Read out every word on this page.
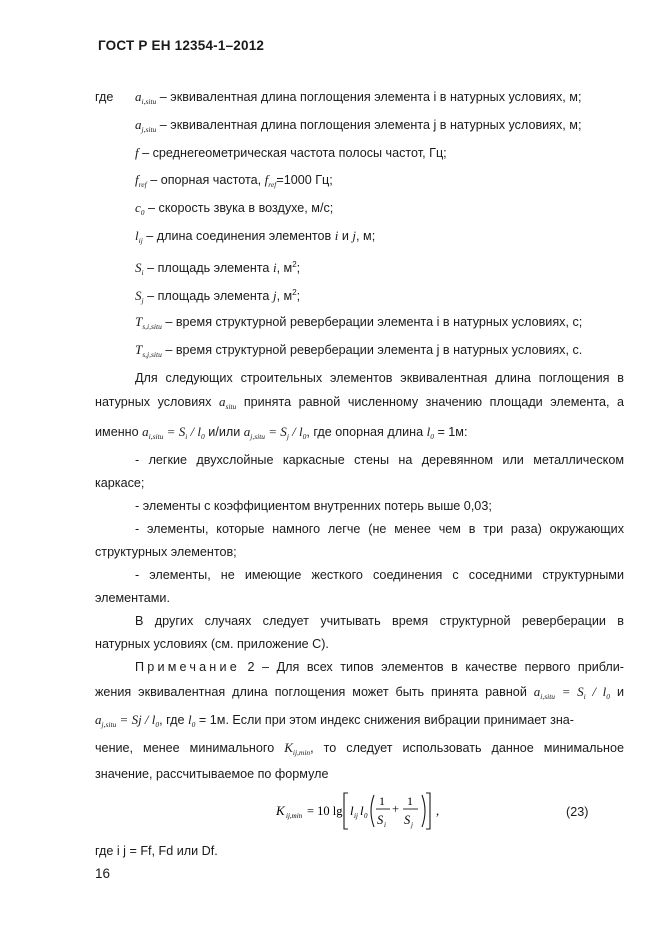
ГОСТ Р ЕН 12354-1–2012
где $a_{i,situ}$ – эквивалентная длина поглощения элемента i в натурных условиях, м;
$a_{j,situ}$ – эквивалентная длина поглощения элемента j в натурных условиях, м;
f – среднегеометрическая частота полосы частот, Гц;
$f_{ref}$ – опорная частота, $f_{ref}=1000$ Гц;
$c_0$ – скорость звука в воздухе, м/с;
$l_{ij}$ – длина соединения элементов i и j, м;
$S_i$ – площадь элемента i, $м^2$;
$S_j$ – площадь элемента j, $м^2$;
$T_{s,i,situ}$ – время структурной реверберации элемента i в натурных условиях, с;
$T_{s,j,situ}$ – время структурной реверберации элемента j в натурных условиях, с.
Для следующих строительных элементов эквивалентная длина поглощения в
натурных условиях $a_{situ}$ принята равной численному значению площади элемента, а
именно $a_{i,situ} = S_i / l_0$ и/или $a_{j,situ} = S_j / l_0$, где опорная длина $l_0 = 1м$:
- легкие двухслойные каркасные стены на деревянном или металлическом
каркасе;
- элементы с коэффициентом внутренних потерь выше 0,03;
- элементы, которые намного легче (не менее чем в три раза) окружающих
структурных элементов;
- элементы, не имеющие жесткого соединения с соседними структурными
элементами.
В других случаях следует учитывать время структурной реверберации в
натурных условиях (см. приложение С).
Примечание 2 – Для всех типов элементов в качестве первого прибли-
жения эквивалентная длина поглощения может быть принята равной $a_{i,situ} = S_i / l_0$ и
$a_{j,situ} = Sj / l_0$, где $l_0 = 1м$. Если при этом индекс снижения вибрации принимает зна-
чение, менее минимального $K_{ij,min}$, то следует использовать данное минимальное
значение, рассчитываемое по формуле
K ij,min = 10 lg l ij l 0
1
S i
+
1
S j
,	(23)
где i j = Ff, Fd или Df.
16
